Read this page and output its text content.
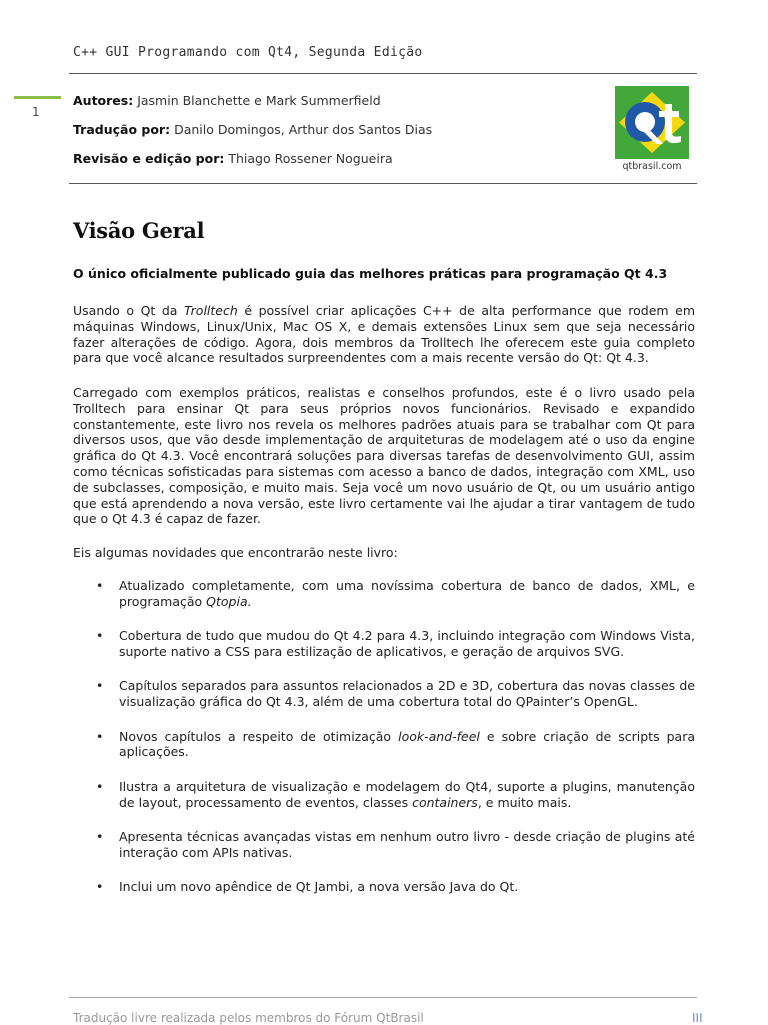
1
C++ GUI Programando com Qt4, Segunda Edição
Autores: Jasmin Blanchette e Mark Summerfield
Tradução por: Danilo Domingos, Arthur dos Santos Dias
Revisão e edição por: Thiago Rossener Nogueira
qtbrasil.com
Visão Geral
O único oficialmente publicado guia das melhores práticas para programação Qt 4.3
Usando o Qt da Trolltech é possível criar aplicações C++ de alta performance que rodem em máquinas Windows, Linux/Unix, Mac OS X, e demais extensões Linux sem que seja necessário fazer alterações de código. Agora, dois membros da Trolltech lhe oferecem este guia completo para que você alcance resultados surpreendentes com a mais recente versão do Qt: Qt 4.3.
Carregado com exemplos práticos, realistas e conselhos profundos, este é o livro usado pela Trolltech para ensinar Qt para seus próprios novos funcionários. Revisado e expandido constantemente, este livro nos revela os melhores padrões atuais para se trabalhar com Qt para diversos usos, que vão desde implementação de arquiteturas de modelagem até o uso da engine gráfica do Qt 4.3. Você encontrará soluções para diversas tarefas de desenvolvimento GUI, assim como técnicas sofisticadas para sistemas com acesso a banco de dados, integração com XML, uso de subclasses, composição, e muito mais. Seja você um novo usuário de Qt, ou um usuário antigo que está aprendendo a nova versão, este livro certamente vai lhe ajudar a tirar vantagem de tudo que o Qt 4.3 é capaz de fazer.
Eis algumas novidades que encontrarão neste livro:
• Atualizado completamente, com uma novíssima cobertura de banco de dados, XML, e programação Qtopia.
• Cobertura de tudo que mudou do Qt 4.2 para 4.3, incluindo integração com Windows Vista, suporte nativo a CSS para estilização de aplicativos, e geração de arquivos SVG.
• Capítulos separados para assuntos relacionados a 2D e 3D, cobertura das novas classes de visualização gráfica do Qt 4.3, além de uma cobertura total do QPainter’s OpenGL.
• Novos capítulos a respeito de otimização look-and-feel e sobre criação de scripts para aplicações.
• Ilustra a arquitetura de visualização e modelagem do Qt4, suporte a plugins, manutenção de layout, processamento de eventos, classes containers, e muito mais.
• Apresenta técnicas avançadas vistas em nenhum outro livro - desde criação de plugins até interação com APIs nativas.
• Inclui um novo apêndice de Qt Jambi, a nova versão Java do Qt.
Tradução livre realizada pelos membros do Fórum QtBrasil	III
